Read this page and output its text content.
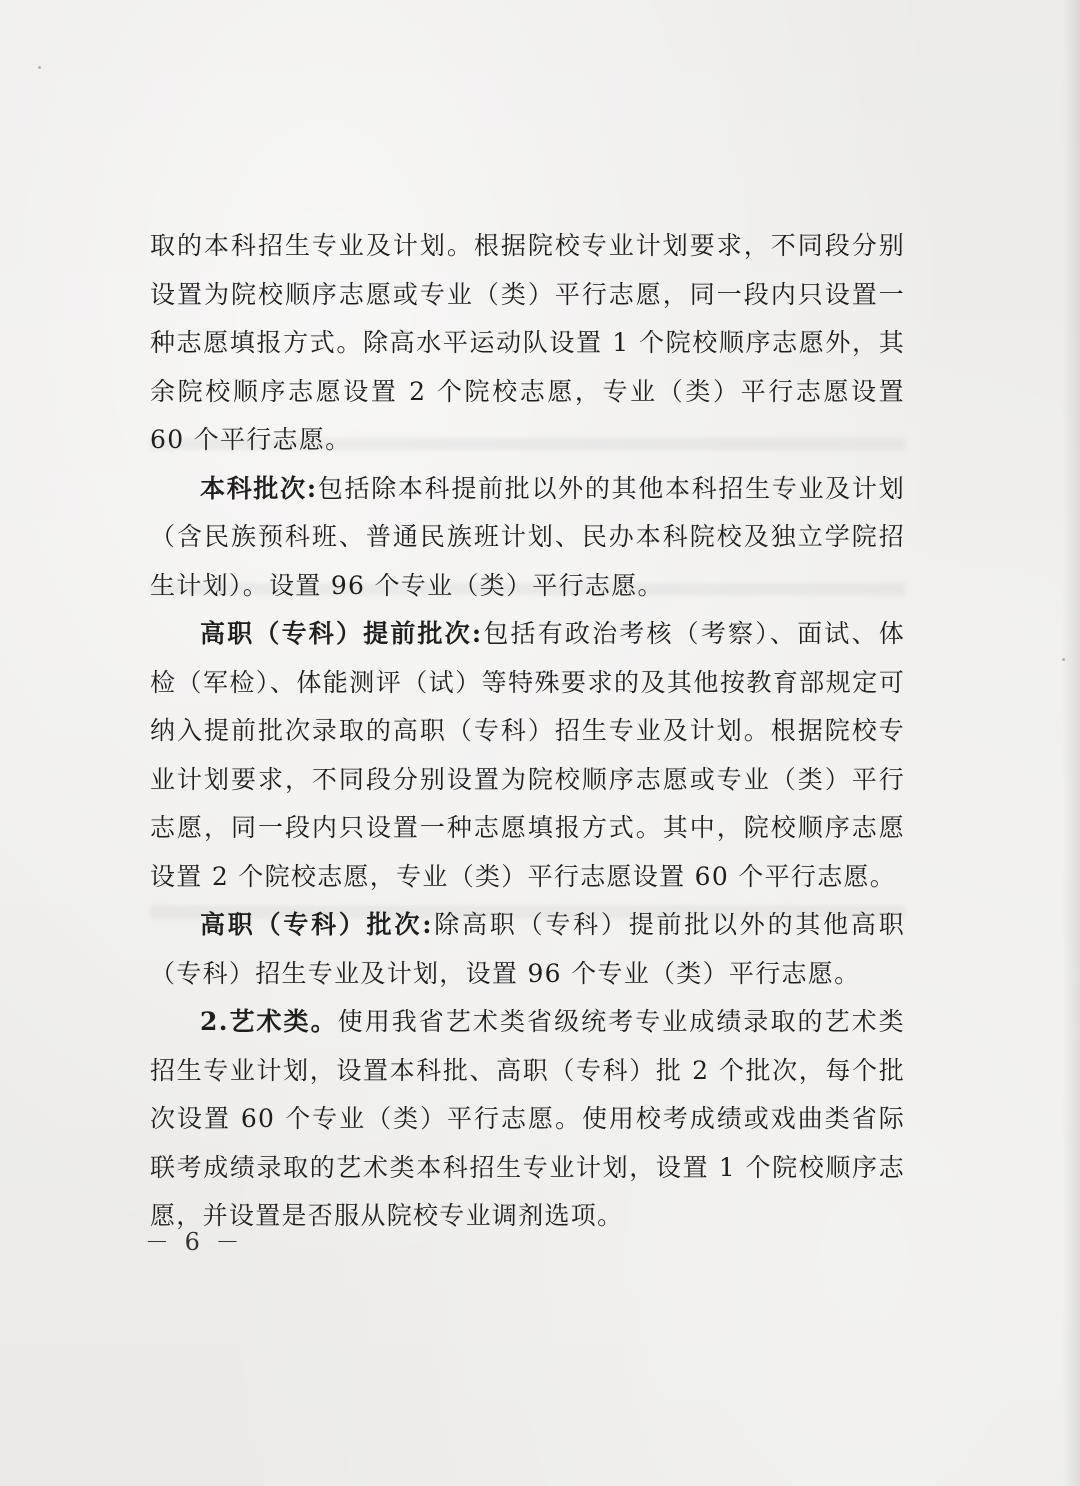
取的本科招生专业及计划。根据院校专业计划要求，不同段分别设置为院校顺序志愿或专业（类）平行志愿，同一段内只设置一种志愿填报方式。除高水平运动队设置 1 个院校顺序志愿外，其余院校顺序志愿设置 2 个院校志愿，专业（类）平行志愿设置 60 个平行志愿。

本科批次:包括除本科提前批以外的其他本科招生专业及计划（含民族预科班、普通民族班计划、民办本科院校及独立学院招生计划）。设置 96 个专业（类）平行志愿。

高职（专科）提前批次:包括有政治考核（考察）、面试、体检（军检）、体能测评（试）等特殊要求的及其他按教育部规定可纳入提前批次录取的高职（专科）招生专业及计划。根据院校专业计划要求，不同段分别设置为院校顺序志愿或专业（类）平行志愿，同一段内只设置一种志愿填报方式。其中，院校顺序志愿设置 2 个院校志愿，专业（类）平行志愿设置 60 个平行志愿。

高职（专科）批次:除高职（专科）提前批以外的其他高职（专科）招生专业及计划，设置 96 个专业（类）平行志愿。

2.艺术类。使用我省艺术类省级统考专业成绩录取的艺术类招生专业计划，设置本科批、高职（专科）批 2 个批次，每个批次设置 60 个专业（类）平行志愿。使用校考成绩或戏曲类省际联考成绩录取的艺术类本科招生专业计划，设置 1 个院校顺序志愿，并设置是否服从院校专业调剂选项。

－ 6 －
